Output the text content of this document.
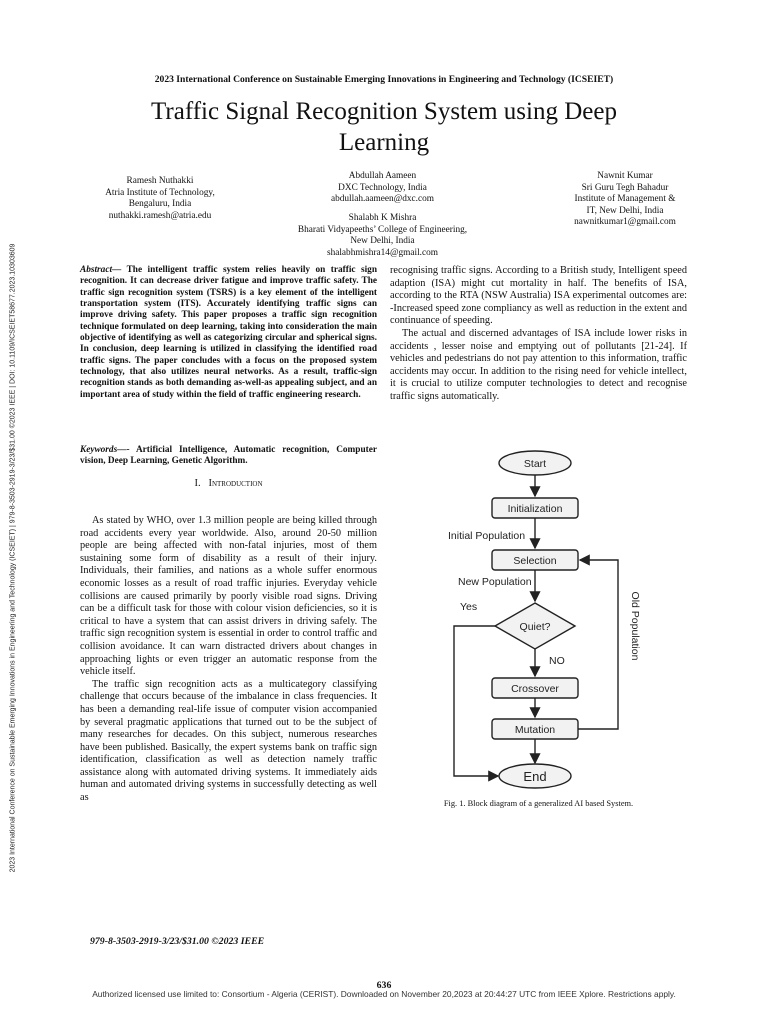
2023 International Conference on Sustainable Emerging Innovations in Engineering and Technology (ICSEIET)
Traffic Signal Recognition System using Deep
Learning
2023 International Conference on Sustainable Emerging Innovations in Engineering and Technology (ICSEIET) | 979-8-3503-2919-3/23/$31.00 ©2023 IEEE | DOI: 10.1109/ICSEIET58677.2023.10303609
Ramesh Nuthakki
Atria Institute of Technology,
Bengaluru, India
nuthakki.ramesh@atria.edu
Abdullah Aameen
DXC Technology, India
abdullah.aameen@dxc.com
Nawnit Kumar
Sri Guru Tegh Bahadur
Institute of Management &
IT, New Delhi, India
nawnitkumar1@gmail.com
Shalabh K Mishra
Bharati Vidyapeeths’ College of Engineering,
New Delhi, India
shalabhmishra14@gmail.com
Abstract— The intelligent traffic system relies heavily on traffic sign recognition. It can decrease driver fatigue and improve traffic safety. The traffic sign recognition system (TSRS) is a key element of the intelligent transportation system (ITS). Accurately identifying traffic signs can improve driving safety. This paper proposes a traffic sign recognition technique formulated on deep learning, taking into consideration the main objective of identifying as well as categorizing circular and spherical signs. In conclusion, deep learning is utilized in classifying the identified road traffic signs. The paper concludes with a focus on the proposed system technology, that also utilizes neural networks. As a result, traffic-sign recognition stands as both demanding as-well-as appealing subject, and an important area of study within the field of traffic engineering research.
Keywords—- Artificial Intelligence, Automatic recognition, Computer vision, Deep Learning, Genetic Algorithm.
I. Introduction

As stated by WHO, over 1.3 million people are being killed through road accidents every year worldwide. Also, around 20-50 million people are being affected with non-fatal injuries, most of them sustaining some form of disability as a result of their injury. Individuals, their families, and nations as a whole suffer enormous economic losses as a result of road traffic injuries. Everyday vehicle collisions are caused primarily by poorly visible road signs. Driving can be a difficult task for those with colour vision deficiencies, so it is critical to have a system that can assist drivers in driving safely. The traffic sign recognition system is essential in order to control traffic and collision avoidance. It can warn distracted drivers about changes in approaching lights or even trigger an automatic response from the vehicle itself.

The traffic sign recognition acts as a multicategory classifying challenge that occurs because of the imbalance in class frequencies. It has been a demanding real-life issue of computer vision accompanied by several pragmatic applications that turned out to be the subject of many researches for decades. On this subject, numerous researches have been published. Basically, the expert systems bank on traffic sign identification, classification as well as detection namely traffic assistance along with automated driving systems. It immediately aids human and automated driving systems in successfully detecting as well as

recognising traffic signs. According to a British study, Intelligent speed adaption (ISA) might cut mortality in half. The benefits of ISA, according to the RTA (NSW Australia) ISA experimental outcomes are: -Increased speed zone compliancy as well as reduction in the extent and continuance of speeding.

The actual and discerned advantages of ISA include lower risks in accidents , lesser noise and emptying out of pollutants [21-24]. If vehicles and pedestrians do not pay attention to this information, traffic accidents may occur. In addition to the rising need for vehicle intellect, it is crucial to utilize computer technologies to detect and recognise traffic signs automatically.

Start
Initialization
Initial Population
Selection
New Population
Quiet?
Yes
NO
Crossover
Mutation
Old Population
End
Fig. 1. Block diagram of a generalized AI based System.
979-8-3503-2919-3/23/$31.00 ©2023 IEEE
636
Authorized licensed use limited to: Consortium - Algeria (CERIST). Downloaded on November 20,2023 at 20:44:27 UTC from IEEE Xplore. Restrictions apply.
